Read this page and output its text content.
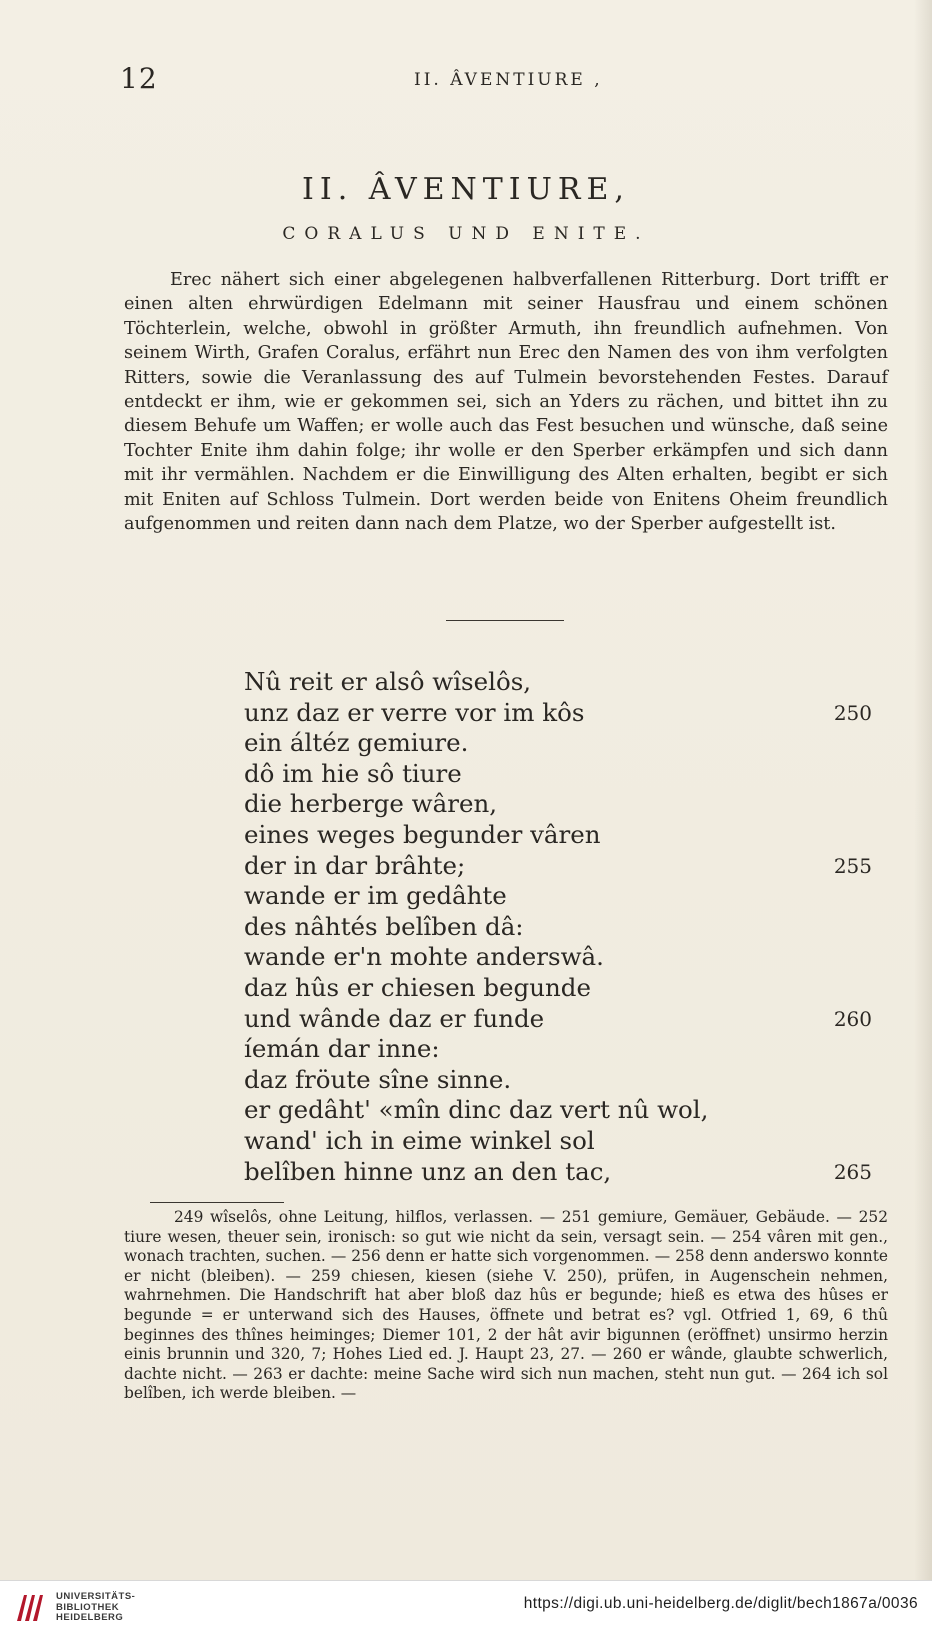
12	II. ÂVENTIURE ,
II. ÂVENTIURE,
CORALUS UND ENITE.

Erec nähert sich einer abgelegenen halbverfallenen Ritterburg. Dort trifft er einen alten ehrwürdigen Edelmann mit seiner Hausfrau und einem schönen Töchterlein, welche, obwohl in größter Armuth, ihn freundlich aufnehmen. Von seinem Wirth, Grafen Coralus, erfährt nun Erec den Namen des von ihm verfolgten Ritters, sowie die Veranlassung des auf Tulmein bevorstehenden Festes. Darauf entdeckt er ihm, wie er gekommen sei, sich an Yders zu rächen, und bittet ihn zu diesem Behufe um Waffen; er wolle auch das Fest besuchen und wünsche, daß seine Tochter Enite ihm dahin folge; ihr wolle er den Sperber erkämpfen und sich dann mit ihr vermählen. Nachdem er die Einwilligung des Alten erhalten, begibt er sich mit Eniten auf Schloss Tulmein. Dort werden beide von Enitens Oheim freundlich aufgenommen und reiten dann nach dem Platze, wo der Sperber aufgestellt ist.

Nû reit er alsô wîselôs,
unz daz er verre vor im kôs	250
ein áltéz gemiure.
dô im hie sô tiure
die herberge wâren,
eines weges begunder vâren
der in dar brâhte;	255
wande er im gedâhte
des nâhtés belîben dâ:
wande er'n mohte anderswâ.
daz hûs er chiesen begunde
und wânde daz er funde	260
íemán dar inne:
daz fröute sîne sinne.
er gedâht' «mîn dinc daz vert nû wol,
wand' ich in eime winkel sol
belîben hinne unz an den tac,	265

249 wîselôs, ohne Leitung, hilflos, verlassen. — 251 gemiure, Gemäuer, Gebäude. — 252 tiure wesen, theuer sein, ironisch: so gut wie nicht da sein, versagt sein. — 254 vâren mit gen., wonach trachten, suchen. — 256 denn er hatte sich vorgenommen. — 258 denn anderswo konnte er nicht (bleiben). — 259 chiesen, kiesen (siehe V. 250), prüfen, in Augenschein nehmen, wahrnehmen. Die Handschrift hat aber bloß daz hûs er begunde; hieß es etwa des hûses er begunde = er unterwand sich des Hauses, öffnete und betrat es? vgl. Otfried 1, 69, 6 thû beginnes des thînes heiminges; Diemer 101, 2 der hât avir bigunnen (eröffnet) unsirmo herzin einis brunnin und 320, 7; Hohes Lied ed. J. Haupt 23, 27. — 260 er wânde, glaubte schwerlich, dachte nicht. — 263 er dachte: meine Sache wird sich nun machen, steht nun gut. — 264 ich sol belîben, ich werde bleiben. —

UNIVERSITÄTS-
BIBLIOTHEK
HEIDELBERG
https://digi.ub.uni-heidelberg.de/diglit/bech1867a/0036
